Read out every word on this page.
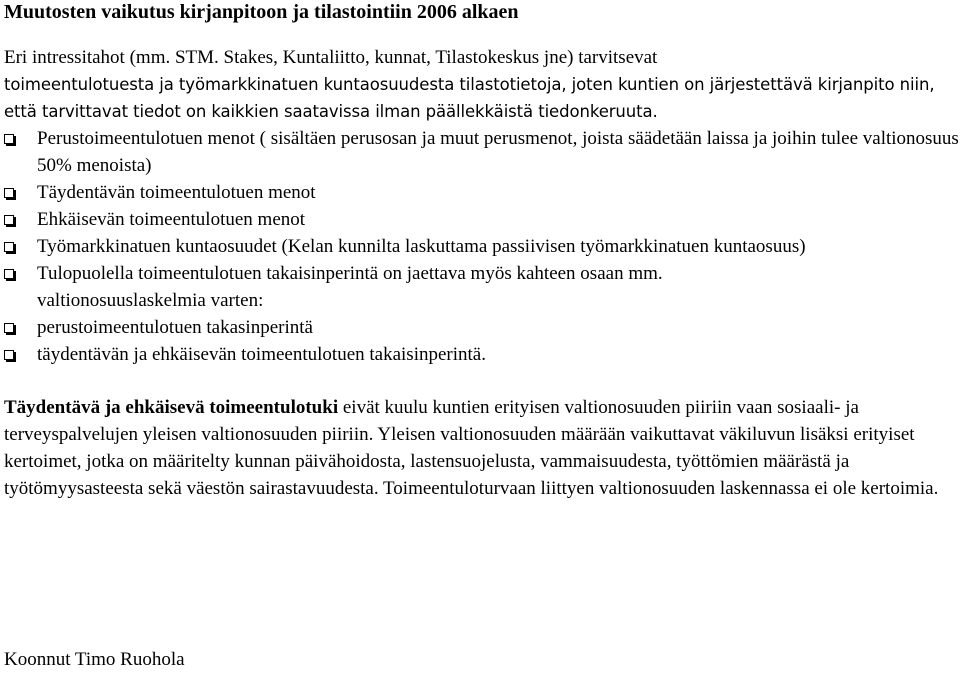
Muutosten vaikutus kirjanpitoon ja tilastointiin 2006 alkaen

Eri intressitahot (mm. STM. Stakes, Kuntaliitto, kunnat, Tilastokeskus jne) tarvitsevat
toimeentulotuesta ja työmarkkinatuen kuntaosuudesta tilastotietoja, joten kuntien on järjestettävä kirjanpito niin, että tarvittavat tiedot on kaikkien saatavissa ilman päällekkäistä tiedonkeruuta.

Perustoimeentulotuen menot ( sisältäen perusosan ja muut perusmenot, joista säädetään laissa ja joihin tulee valtionosuus 50% menoista)
Täydentävän toimeentulotuen menot
Ehkäisevän toimeentulotuen menot
Työmarkkinatuen kuntaosuudet (Kelan kunnilta laskuttama passiivisen työmarkkinatuen kuntaosuus)
Tulopuolella toimeentulotuen takaisinperintä on jaettava myös kahteen osaan mm.
valtionosuuslaskelmia varten:
perustoimeentulotuen takasinperintä
täydentävän ja ehkäisevän toimeentulotuen takaisinperintä.

Täydentävä ja ehkäisevä toimeentulotuki eivät kuulu kuntien erityisen valtionosuuden piiriin vaan sosiaali- ja terveyspalvelujen yleisen valtionosuuden piiriin. Yleisen valtionosuuden määrään vaikuttavat väkiluvun lisäksi erityiset kertoimet, jotka on määritelty kunnan päivähoidosta, lastensuojelusta, vammaisuudesta, työttömien määrästä ja työtömyysasteesta sekä väestön sairastavuudesta. Toimeentuloturvaan liittyen valtionosuuden laskennassa ei ole kertoimia.

Koonnut Timo Ruohola
